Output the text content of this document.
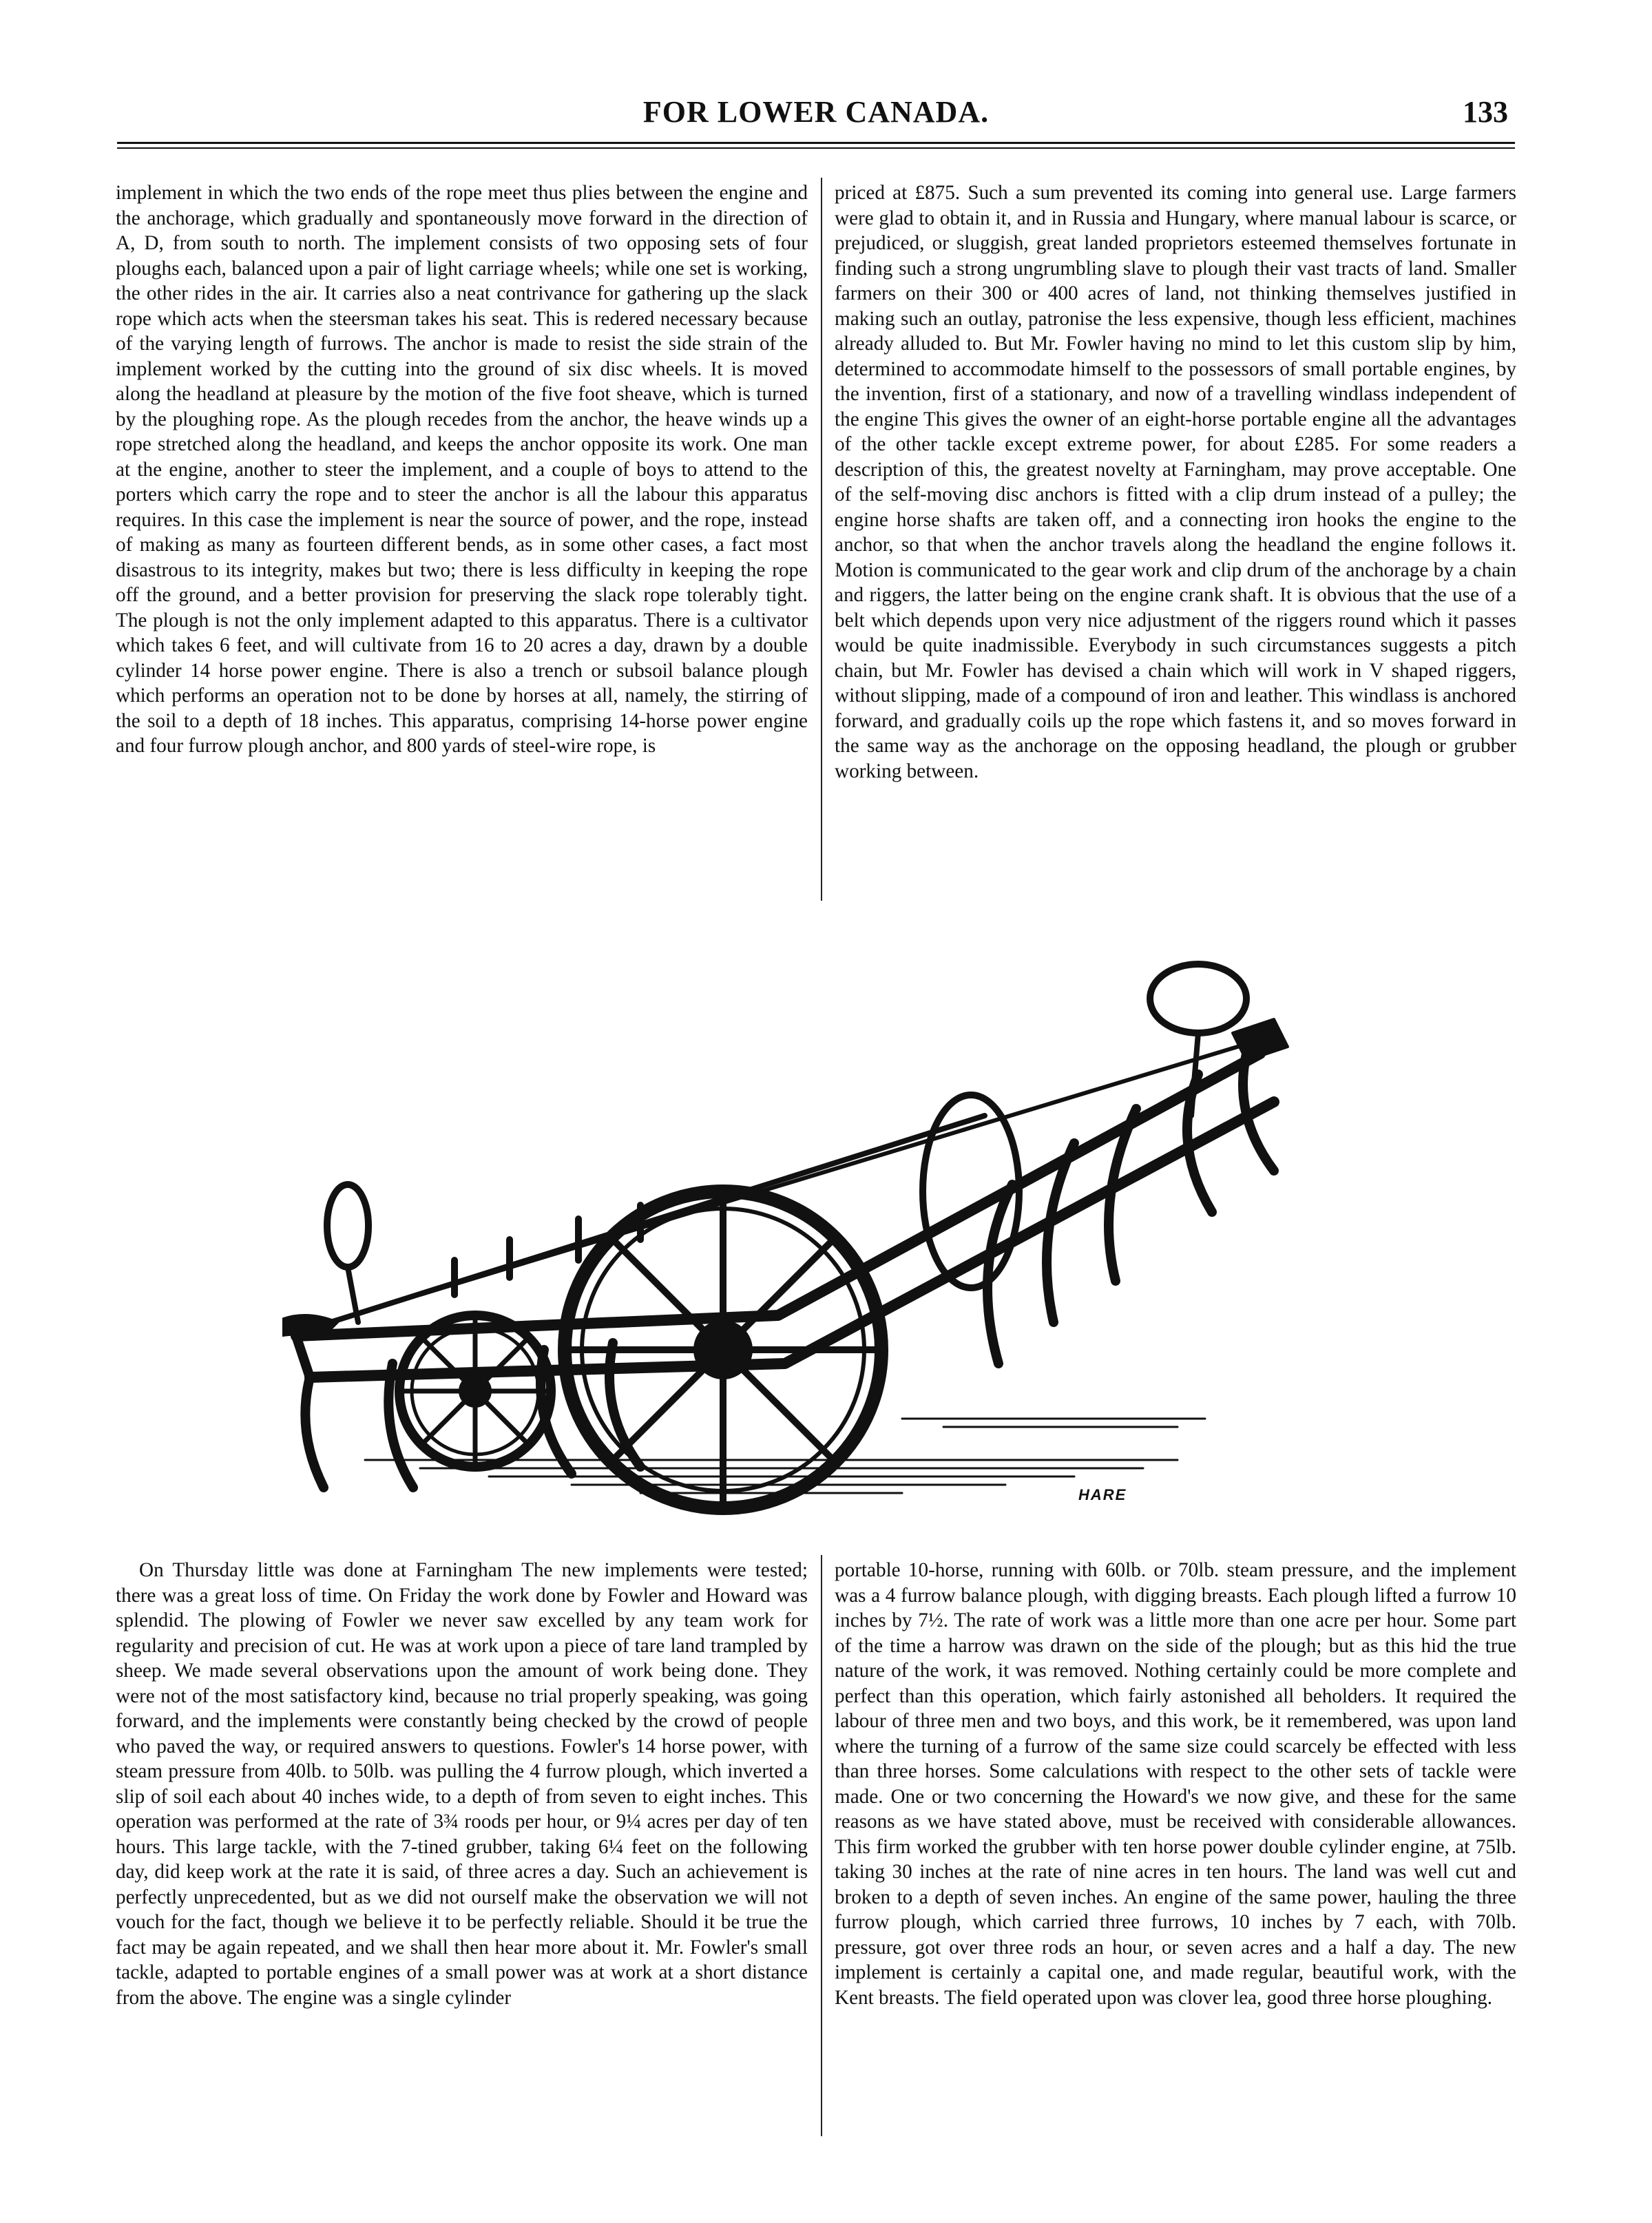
FOR LOWER CANADA.	133

implement in which the two ends of the rope meet thus plies between the engine and the anchorage, which gradually and spontaneously move forward in the direction of A, D, from south to north. The implement consists of two opposing sets of four ploughs each, balanced upon a pair of light carriage wheels; while one set is working, the other rides in the air. It carries also a neat contrivance for gathering up the slack rope which acts when the steersman takes his seat. This is redered necessary because of the varying length of furrows. The anchor is made to resist the side strain of the implement worked by the cutting into the ground of six disc wheels. It is moved along the headland at pleasure by the motion of the five foot sheave, which is turned by the ploughing rope. As the plough recedes from the anchor, the heave winds up a rope stretched along the headland, and keeps the anchor opposite its work. One man at the engine, another to steer the implement, and a couple of boys to attend to the porters which carry the rope and to steer the anchor is all the labour this apparatus requires. In this case the implement is near the source of power, and the rope, instead of making as many as fourteen different bends, as in some other cases, a fact most disastrous to its integrity, makes but two; there is less difficulty in keeping the rope off the ground, and a better provision for preserving the slack rope tolerably tight. The plough is not the only implement adapted to this apparatus. There is a cultivator which takes 6 feet, and will cultivate from 16 to 20 acres a day, drawn by a double cylinder 14 horse power engine. There is also a trench or subsoil balance plough which performs an operation not to be done by horses at all, namely, the stirring of the soil to a depth of 18 inches. This apparatus, comprising 14-horse power engine and four furrow plough anchor, and 800 yards of steel-wire rope, is

priced at £875. Such a sum prevented its coming into general use. Large farmers were glad to obtain it, and in Russia and Hungary, where manual labour is scarce, or prejudiced, or sluggish, great landed proprietors esteemed themselves fortunate in finding such a strong ungrumbling slave to plough their vast tracts of land. Smaller farmers on their 300 or 400 acres of land, not thinking themselves justified in making such an outlay, patronise the less expensive, though less efficient, machines already alluded to. But Mr. Fowler having no mind to let this custom slip by him, determined to accommodate himself to the possessors of small portable engines, by the invention, first of a stationary, and now of a travelling windlass independent of the engine This gives the owner of an eight-horse portable engine all the advantages of the other tackle except extreme power, for about £285. For some readers a description of this, the greatest novelty at Farningham, may prove acceptable. One of the self-moving disc anchors is fitted with a clip drum instead of a pulley; the engine horse shafts are taken off, and a connecting iron hooks the engine to the anchor, so that when the anchor travels along the headland the engine follows it. Motion is communicated to the gear work and clip drum of the anchorage by a chain and riggers, the latter being on the engine crank shaft. It is obvious that the use of a belt which depends upon very nice adjustment of the riggers round which it passes would be quite inadmissible. Everybody in such circumstances suggests a pitch chain, but Mr. Fowler has devised a chain which will work in V shaped riggers, without slipping, made of a compound of iron and leather. This windlass is anchored forward, and gradually coils up the rope which fastens it, and so moves forward in the same way as the anchorage on the opposing headland, the plough or grubber working between.

HARE

On Thursday little was done at Farningham The new implements were tested; there was a great loss of time. On Friday the work done by Fowler and Howard was splendid. The plowing of Fowler we never saw excelled by any team work for regularity and precision of cut. He was at work upon a piece of tare land trampled by sheep. We made several observations upon the amount of work being done. They were not of the most satisfactory kind, because no trial properly speaking, was going forward, and the implements were constantly being checked by the crowd of people who paved the way, or required answers to questions. Fowler's 14 horse power, with steam pressure from 40lb. to 50lb. was pulling the 4 furrow plough, which inverted a slip of soil each about 40 inches wide, to a depth of from seven to eight inches. This operation was performed at the rate of 3¾ roods per hour, or 9¼ acres per day of ten hours. This large tackle, with the 7-tined grubber, taking 6¼ feet on the following day, did keep work at the rate it is said, of three acres a day. Such an achievement is perfectly unprecedented, but as we did not ourself make the observation we will not vouch for the fact, though we believe it to be perfectly reliable. Should it be true the fact may be again repeated, and we shall then hear more about it. Mr. Fowler's small tackle, adapted to portable engines of a small power was at work at a short distance from the above. The engine was a single cylinder

portable 10-horse, running with 60lb. or 70lb. steam pressure, and the implement was a 4 furrow balance plough, with digging breasts. Each plough lifted a furrow 10 inches by 7½. The rate of work was a little more than one acre per hour. Some part of the time a harrow was drawn on the side of the plough; but as this hid the true nature of the work, it was removed. Nothing certainly could be more complete and perfect than this operation, which fairly astonished all beholders. It required the labour of three men and two boys, and this work, be it remembered, was upon land where the turning of a furrow of the same size could scarcely be effected with less than three horses. Some calculations with respect to the other sets of tackle were made. One or two concerning the Howard's we now give, and these for the same reasons as we have stated above, must be received with considerable allowances. This firm worked the grubber with ten horse power double cylinder engine, at 75lb. taking 30 inches at the rate of nine acres in ten hours. The land was well cut and broken to a depth of seven inches. An engine of the same power, hauling the three furrow plough, which carried three furrows, 10 inches by 7 each, with 70lb. pressure, got over three rods an hour, or seven acres and a half a day. The new implement is certainly a capital one, and made regular, beautiful work, with the Kent breasts. The field operated upon was clover lea, good three horse ploughing.
